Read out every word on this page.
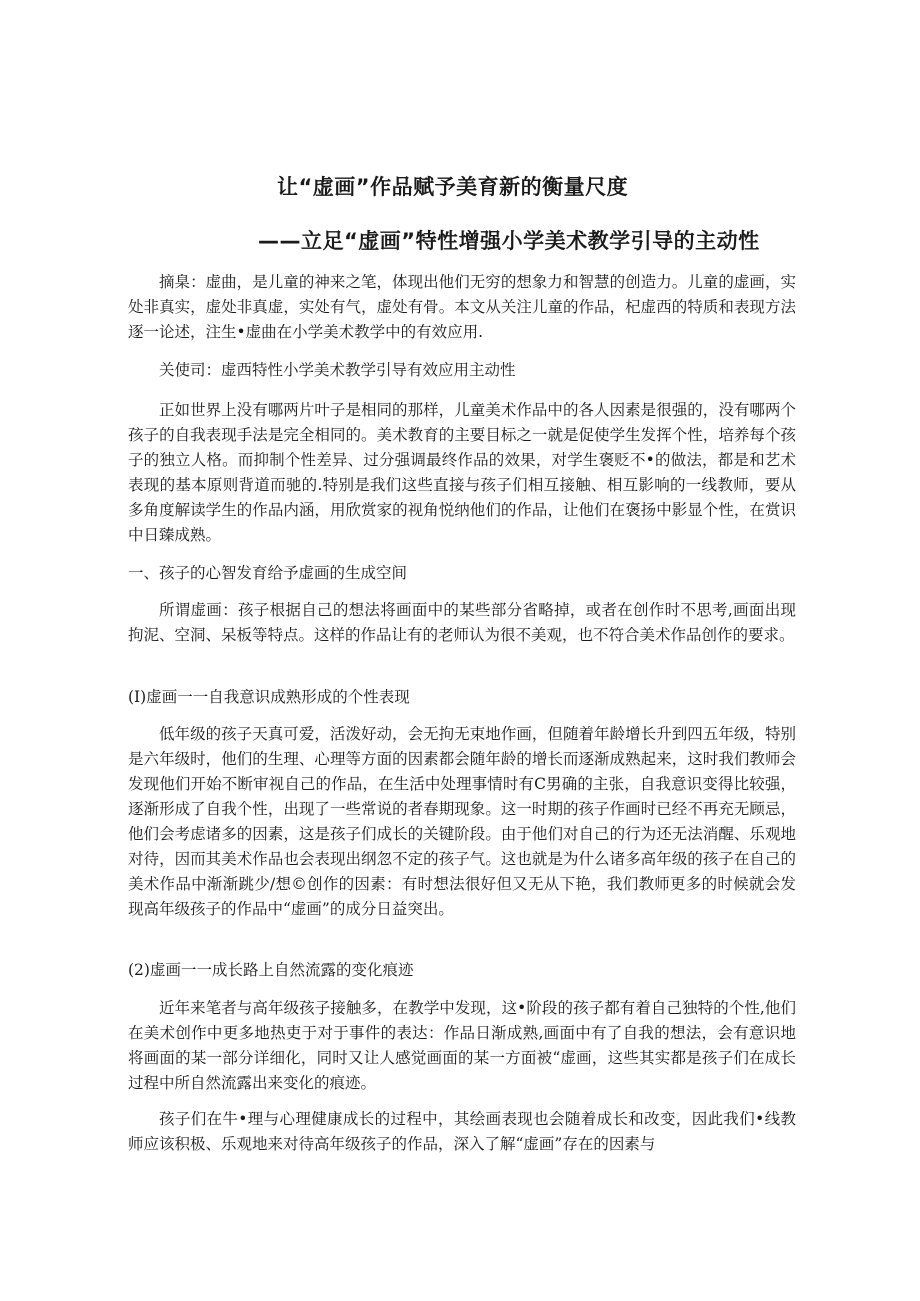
让“虚画”作品赋予美育新的衡量尺度
——立足“虚画”特性增强小学美术教学引导的主动性

摘臬：虚曲，是儿童的神来之笔，体现出他们无穷的想象力和智慧的创造力。儿童的虚画，实处非真实，虚处非真虚，实处有气，虚处有骨。本文从关注儿童的作品，杞虚西的特质和表现方法逐一论述，注生•虚曲在小学美术教学中的有效应用.

关使司：虚西特性小学美术教学引导有效应用主动性

正如世界上没有哪两片叶子是相同的那样，儿童美术作品中的各人因素是很强的，没有哪两个孩子的自我表现手法是完全相同的。美术教育的主要目标之一就是促使学生发挥个性，培养每个孩子的独立人格。而抑制个性差异、过分强调最终作品的效果，对学生褒贬不•的做法，都是和艺术表现的基本原则背道而驰的.特别是我们这些直接与孩子们相互接触、相互影响的一线教师，要从多角度解读学生的作品内涵，用欣赏家的视角悦纳他们的作品，让他们在褒扬中影显个性，在赏识中日臻成熟。

一、孩子的心智发育给予虚画的生成空间

所谓虚画：孩子根据自己的想法将画面中的某些部分省略掉，或者在创作时不思考,画面出现拘泥、空洞、呆板等特点。这样的作品让有的老师认为很不美观，也不符合美术作品创作的要求。

(I)虚画一一自我意识成熟形成的个性表现

低年级的孩子天真可爱，活泼好动，会无拘无束地作画，但随着年龄增长升到四五年级，特别是六年级时，他们的生理、心理等方面的因素都会随年龄的增长而逐渐成熟起来，这时我们教师会发现他们开始不断审视自己的作品，在生活中处理事情时有C男确的主张，自我意识变得比较强，逐渐形成了自我个性，出现了一些常说的者春期现象。这一时期的孩子作画时已经不再充无顾忌，他们会考虑诸多的因素，这是孩子们成长的关键阶段。由于他们对自己的行为还无法消醒、乐观地对待，因而其美术作品也会表现出纲忽不定的孩子气。这也就是为什么诸多高年级的孩子在自己的美术作品中渐渐跳少/想©创作的因素：有时想法很好但又无从下艳，我们教师更多的时候就会发现高年级孩子的作品中“虚画”的成分日益突出。

(2)虚画一一成长路上自然流露的变化痕迹

近年来笔者与高年级孩子接触多，在教学中发现，这•阶段的孩子都有着自己独特的个性,他们在美术创作中更多地热吏于对于事件的表达：作品日渐成熟,画面中有了自我的想法，会有意识地将画面的某一部分详细化，同时又让人感觉画面的某一方面被“虚画，这些其实都是孩子们在成长过程中所自然流露出来变化的痕迹。

孩子们在牛•理与心理健康成长的过程中，其绘画表现也会随着成长和改变，因此我们•线教师应该积极、乐观地来对待高年级孩子的作品，深入了解“虚画”存在的因素与
